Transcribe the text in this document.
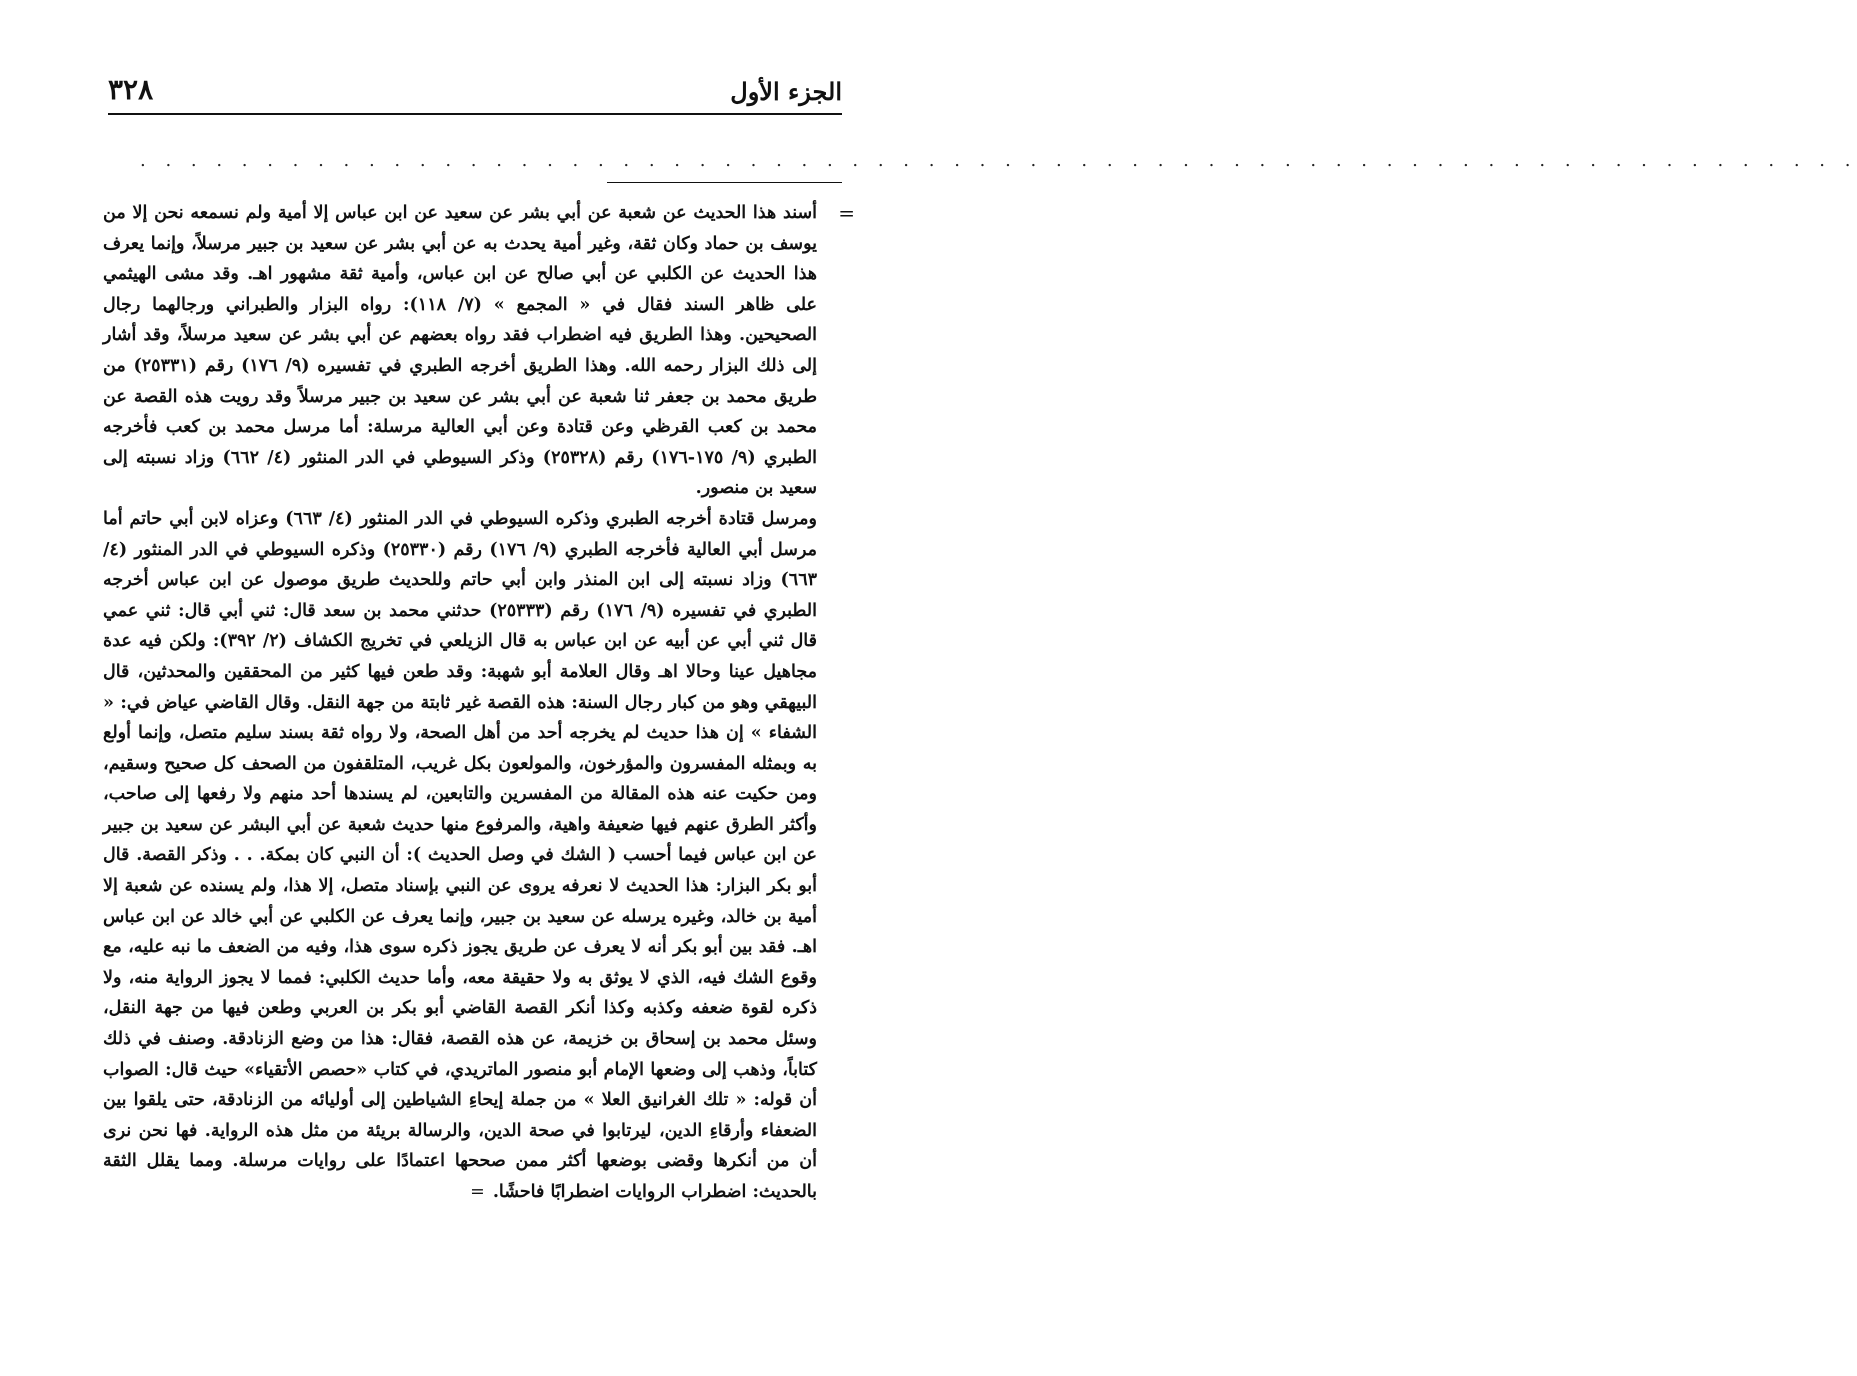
٣٢٨	الجزء الأول
. . . . . . . . . . . . . . . . . . . . . . . . . . . . . . . . . . . . . . . . . . . . . . . . . . . . . . . . . . . . . . . . . . . .
=

أسند هذا الحديث عن شعبة عن أبي بشر عن سعيد عن ابن عباس إلا أمية ولم نسمعه نحن إلا من يوسف بن حماد وكان ثقة، وغير أمية يحدث به عن أبي بشر عن سعيد بن جبير مرسلاً، وإنما يعرف هذا الحديث عن الكلبي عن أبي صالح عن ابن عباس، وأمية ثقة مشهور اهـ. وقد مشى الهيثمي على ظاهر السند فقال في « المجمع » (٧/ ١١٨): رواه البزار والطبراني ورجالهما رجال الصحيحين. وهذا الطريق فيه اضطراب فقد رواه بعضهم عن أبي بشر عن سعيد مرسلاً، وقد أشار إلى ذلك البزار رحمه الله. وهذا الطريق أخرجه الطبري في تفسيره (٩/ ١٧٦) رقم (٢٥٣٣١) من طريق محمد بن جعفر ثنا شعبة عن أبي بشر عن سعيد بن جبير مرسلاً وقد رويت هذه القصة عن محمد بن كعب القرظي وعن قتادة وعن أبي العالية مرسلة: أما مرسل محمد بن كعب فأخرجه الطبري (٩/ ١٧٥-١٧٦) رقم (٢٥٣٢٨) وذكر السيوطي في الدر المنثور (٤/ ٦٦٢) وزاد نسبته إلى سعيد بن منصور.

ومرسل قتادة أخرجه الطبري وذكره السيوطي في الدر المنثور (٤/ ٦٦٣) وعزاه لابن أبي حاتم أما مرسل أبي العالية فأخرجه الطبري (٩/ ١٧٦) رقم (٢٥٣٣٠) وذكره السيوطي في الدر المنثور (٤/ ٦٦٣) وزاد نسبته إلى ابن المنذر وابن أبي حاتم وللحديث طريق موصول عن ابن عباس أخرجه الطبري في تفسيره (٩/ ١٧٦) رقم (٢٥٣٣٣) حدثني محمد بن سعد قال: ثني أبي قال: ثني عمي قال ثني أبي عن أبيه عن ابن عباس به قال الزيلعي في تخريج الكشاف (٢/ ٣٩٢): ولكن فيه عدة مجاهيل عينا وحالا اهـ وقال العلامة أبو شهبة: وقد طعن فيها كثير من المحققين والمحدثين، قال البيهقي وهو من كبار رجال السنة: هذه القصة غير ثابتة من جهة النقل. وقال القاضي عياض في: « الشفاء » إن هذا حديث لم يخرجه أحد من أهل الصحة، ولا رواه ثقة بسند سليم متصل، وإنما أولع به وبمثله المفسرون والمؤرخون، والمولعون بكل غريب، المتلقفون من الصحف كل صحيح وسقيم، ومن حكيت عنه هذه المقالة من المفسرين والتابعين، لم يسندها أحد منهم ولا رفعها إلى صاحب، وأكثر الطرق عنهم فيها ضعيفة واهية، والمرفوع منها حديث شعبة عن أبي البشر عن سعيد بن جبير عن ابن عباس فيما أحسب ( الشك في وصل الحديث ): أن النبي كان بمكة. . . وذكر القصة. قال أبو بكر البزار: هذا الحديث لا نعرفه يروى عن النبي بإسناد متصل، إلا هذا، ولم يسنده عن شعبة إلا أمية بن خالد، وغيره يرسله عن سعيد بن جبير، وإنما يعرف عن الكلبي عن أبي خالد عن ابن عباس اهـ. فقد بين أبو بكر أنه لا يعرف عن طريق يجوز ذكره سوى هذا، وفيه من الضعف ما نبه عليه، مع وقوع الشك فيه، الذي لا يوثق به ولا حقيقة معه، وأما حديث الكلبي: فمما لا يجوز الرواية منه، ولا ذكره لقوة ضعفه وكذبه وكذا أنكر القصة القاضي أبو بكر بن العربي وطعن فيها من جهة النقل، وسئل محمد بن إسحاق بن خزيمة، عن هذه القصة، فقال: هذا من وضع الزنادقة. وصنف في ذلك كتاباً، وذهب إلى وضعها الإمام أبو منصور الماتريدي، في كتاب «حصص الأتقياء» حيث قال: الصواب أن قوله: « تلك الغرانيق العلا » من جملة إيحاءِ الشياطين إلى أوليائه من الزنادقة، حتى يلقوا بين الضعفاء وأرقاءِ الدين، ليرتابوا في صحة الدين، والرسالة بريئة من مثل هذه الرواية. فها نحن نرى أن من أنكرها وقضى بوضعها أكثر ممن صححها اعتمادًا على روايات مرسلة. ومما يقلل الثقة بالحديث: اضطراب الروايات اضطرابًا فاحشًا.=
